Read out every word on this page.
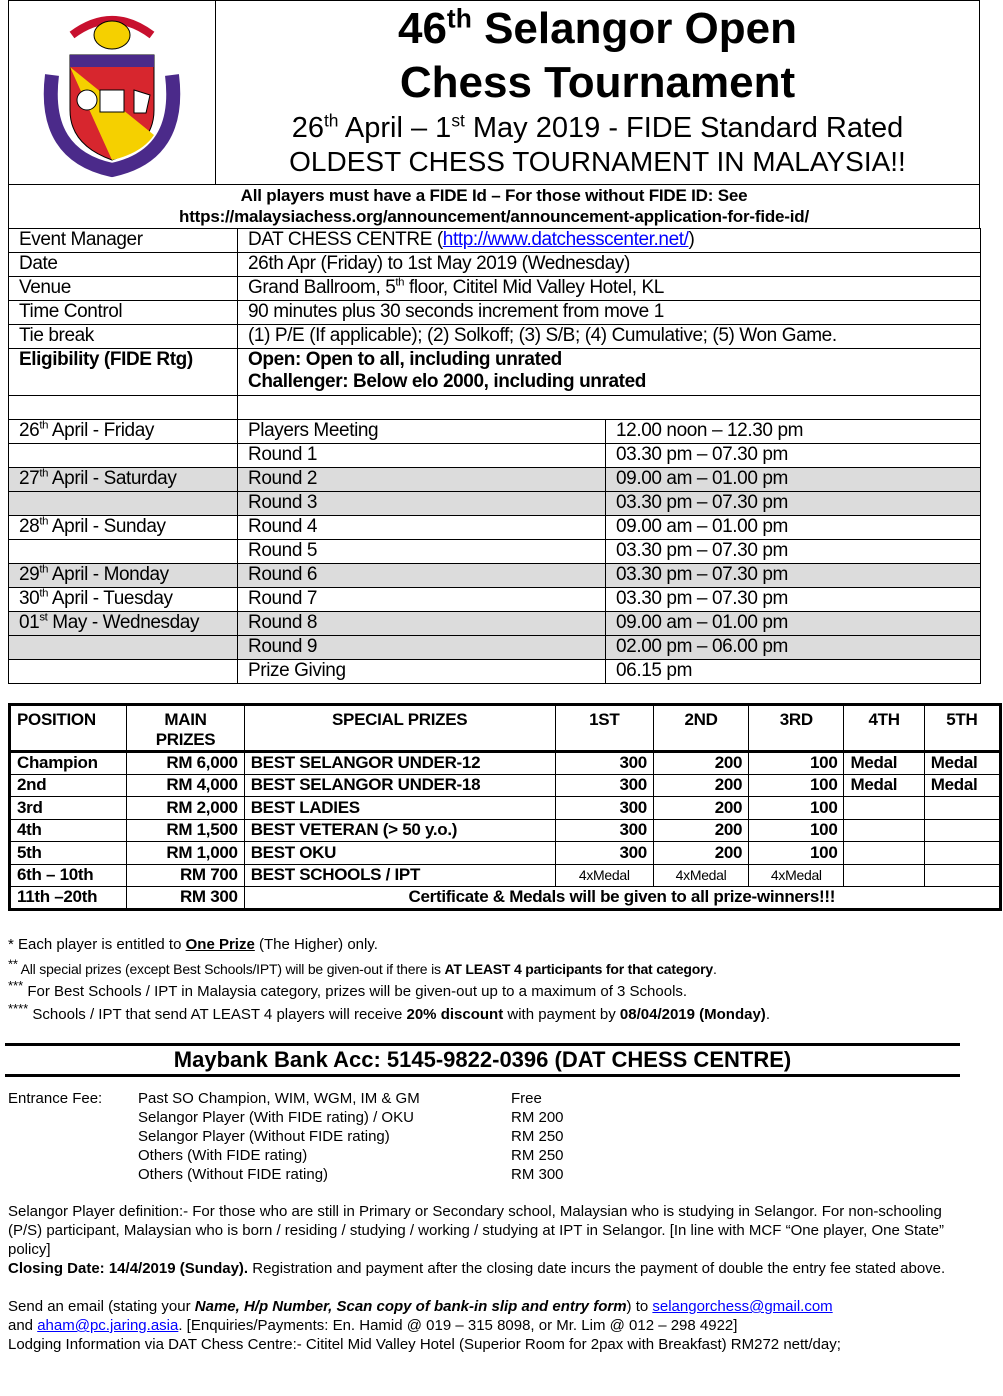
46th Selangor Open
Chess Tournament
26th April – 1st May 2019 - FIDE Standard Rated
OLDEST CHESS TOURNAMENT IN MALAYSIA!!
All players must have a FIDE Id – For those without FIDE ID: See
https://malaysiachess.org/announcement/announcement-application-for-fide-id/
Event Manager	DAT CHESS CENTRE (http://www.datchesscenter.net/)	
Date	26th Apr (Friday) to 1st May 2019 (Wednesday)	
Venue	Grand Ballroom, 5th floor, Cititel Mid Valley Hotel, KL	
Time Control	90 minutes plus 30 seconds increment from move 1	
Tie break	(1) P/E (If applicable); (2) Solkoff; (3) S/B; (4) Cumulative; (5) Won Game.	
Eligibility (FIDE Rtg)	Open: Open to all, including unrated
Challenger: Below elo 2000, including unrated	

26th April - Friday	Players Meeting	12.00 noon – 12.30 pm
	Round 1	03.30 pm – 07.30 pm
27th April - Saturday	Round 2	09.00 am – 01.00 pm
	Round 3	03.30 pm – 07.30 pm
28th April - Sunday	Round 4	09.00 am – 01.00 pm
	Round 5	03.30 pm – 07.30 pm
29th April - Monday	Round 6	03.30 pm – 07.30 pm
30th April - Tuesday	Round 7	03.30 pm – 07.30 pm
01st May - Wednesday	Round 8	09.00 am – 01.00 pm
	Round 9	02.00 pm – 06.00 pm
	Prize Giving	06.15 pm
POSITION	MAIN PRIZES	SPECIAL PRIZES	1ST	2ND	3RD	4TH	5TH
Champion	RM 6,000	BEST SELANGOR UNDER-12	300	200	100	Medal	Medal
2nd	RM 4,000	BEST SELANGOR UNDER-18	300	200	100	Medal	Medal
3rd	RM 2,000	BEST LADIES	300	200	100		
4th	RM 1,500	BEST VETERAN (> 50 y.o.)	300	200	100		
5th	RM 1,000	BEST OKU	300	200	100		
6th – 10th	RM 700	BEST SCHOOLS / IPT	4xMedal	4xMedal	4xMedal		
11th –20th	RM 300	Certificate & Medals will be given to all prize-winners!!!					
* Each player is entitled to One Prize (The Higher) only.
** All special prizes (except Best Schools/IPT) will be given-out if there is AT LEAST 4 participants for that category.
*** For Best Schools / IPT in Malaysia category, prizes will be given-out up to a maximum of 3 Schools.
**** Schools / IPT that send AT LEAST 4 players will receive 20% discount with payment by 08/04/2019 (Monday).
Maybank Bank Acc: 5145-9822-0396 (DAT CHESS CENTRE)
Entrance Fee:	Past SO Champion, WIM, WGM, IM & GM	Free
	Selangor Player (With FIDE rating) / OKU	RM 200
	Selangor Player (Without FIDE rating)	RM 250
	Others (With FIDE rating)	RM 250
	Others (Without FIDE rating)	RM 300
Selangor Player definition:- For those who are still in Primary or Secondary school, Malaysian who is studying in Selangor. For non-schooling (P/S) participant, Malaysian who is born / residing / studying / working / studying at IPT in Selangor. [In line with MCF “One player, One State” policy]
Closing Date: 14/4/2019 (Sunday). Registration and payment after the closing date incurs the payment of double the entry fee stated above.
Send an email (stating your Name, H/p Number, Scan copy of bank-in slip and entry form) to selangorchess@gmail.com
and aham@pc.jaring.asia. [Enquiries/Payments: En. Hamid @ 019 – 315 8098, or Mr. Lim @ 012 – 298 4922]
Lodging Information via DAT Chess Centre:- Cititel Mid Valley Hotel (Superior Room for 2pax with Breakfast) RM272 nett/day;
